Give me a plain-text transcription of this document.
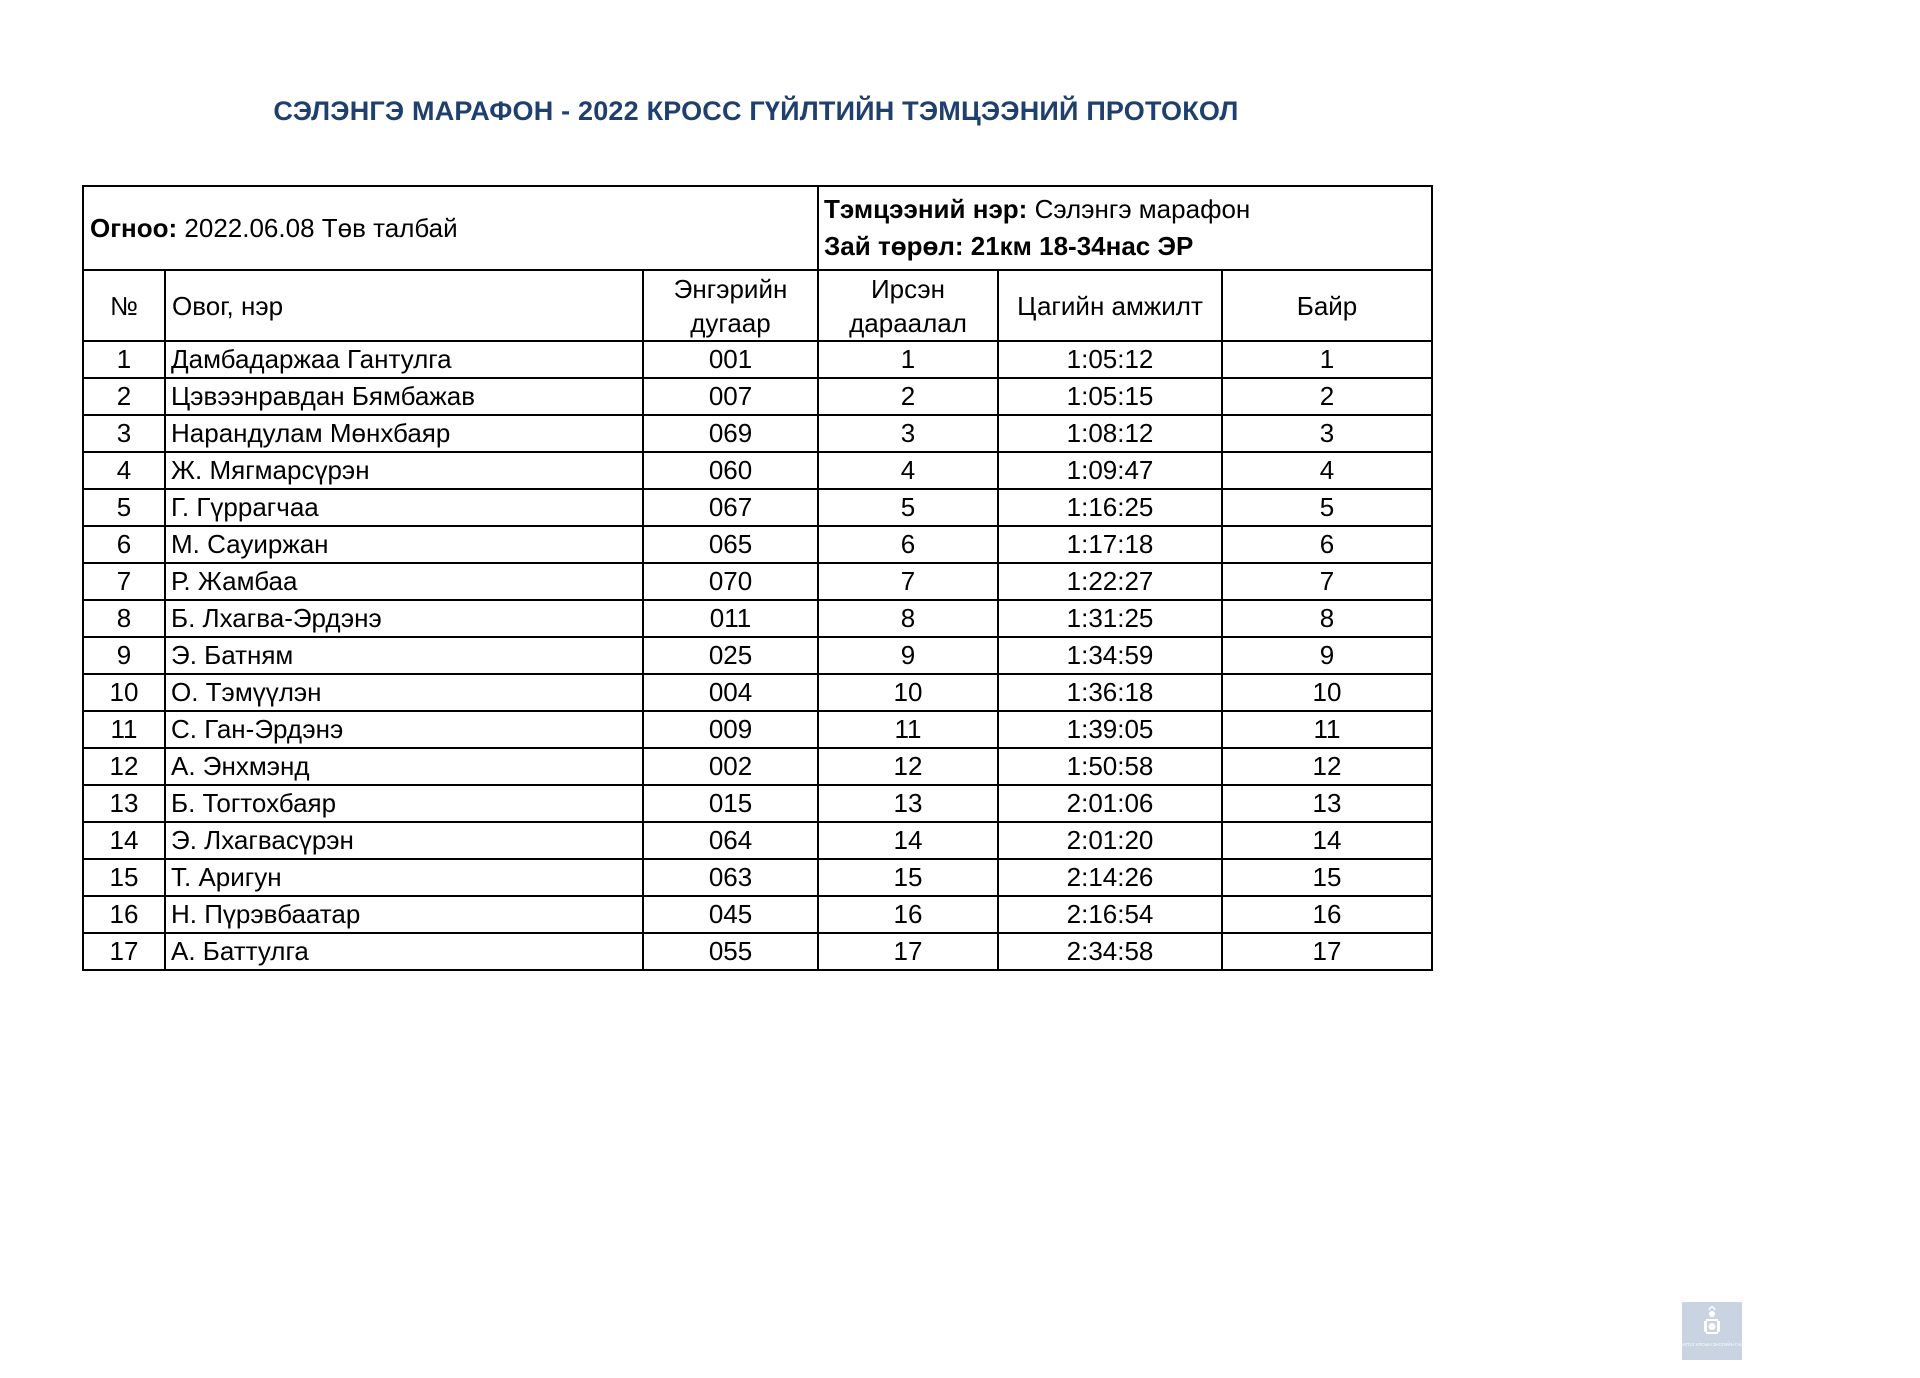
СЭЛЭНГЭ МАРАФОН - 2022 КРОСС ГҮЙЛТИЙН ТЭМЦЭЭНИЙ ПРОТОКОЛ
Огноо: 2022.06.08 Төв талбай			Тэмцээний нэр: Сэлэнгэ марафон
Зай төрөл: 21км 18-34нас ЭР		
№	Овог, нэр	Энгэрийн дугаар	Ирсэн дараалал	Цагийн амжилт	Байр
1	Дамбадаржаа Гантулга	001	1	1:05:12	1
2	Цэвээнравдан Бямбажав	007	2	1:05:15	2
3	Нарандулам Мөнхбаяр	069	3	1:08:12	3
4	Ж. Мягмарсүрэн	060	4	1:09:47	4
5	Г. Гүррагчаа	067	5	1:16:25	5
6	М. Сауиржан	065	6	1:17:18	6
7	Р. Жамбаа	070	7	1:22:27	7
8	Б. Лхагва-Эрдэнэ	011	8	1:31:25	8
9	Э. Батням	025	9	1:34:59	9
10	О. Тэмүүлэн	004	10	1:36:18	10
11	С. Ган-Эрдэнэ	009	11	1:39:05	11
12	А. Энхмэнд	002	12	1:50:58	12
13	Б. Тогтохбаяр	015	13	2:01:06	13
14	Э. Лхагвасүрэн	064	14	2:01:20	14
15	Т. Аригун	063	15	2:14:26	15
16	Н. Пүрэвбаатар	045	16	2:16:54	16
17	А. Баттулга	055	17	2:34:58	17
МОНГОЛ УЛСЫН ЗАСГИЙН ГАЗАР
